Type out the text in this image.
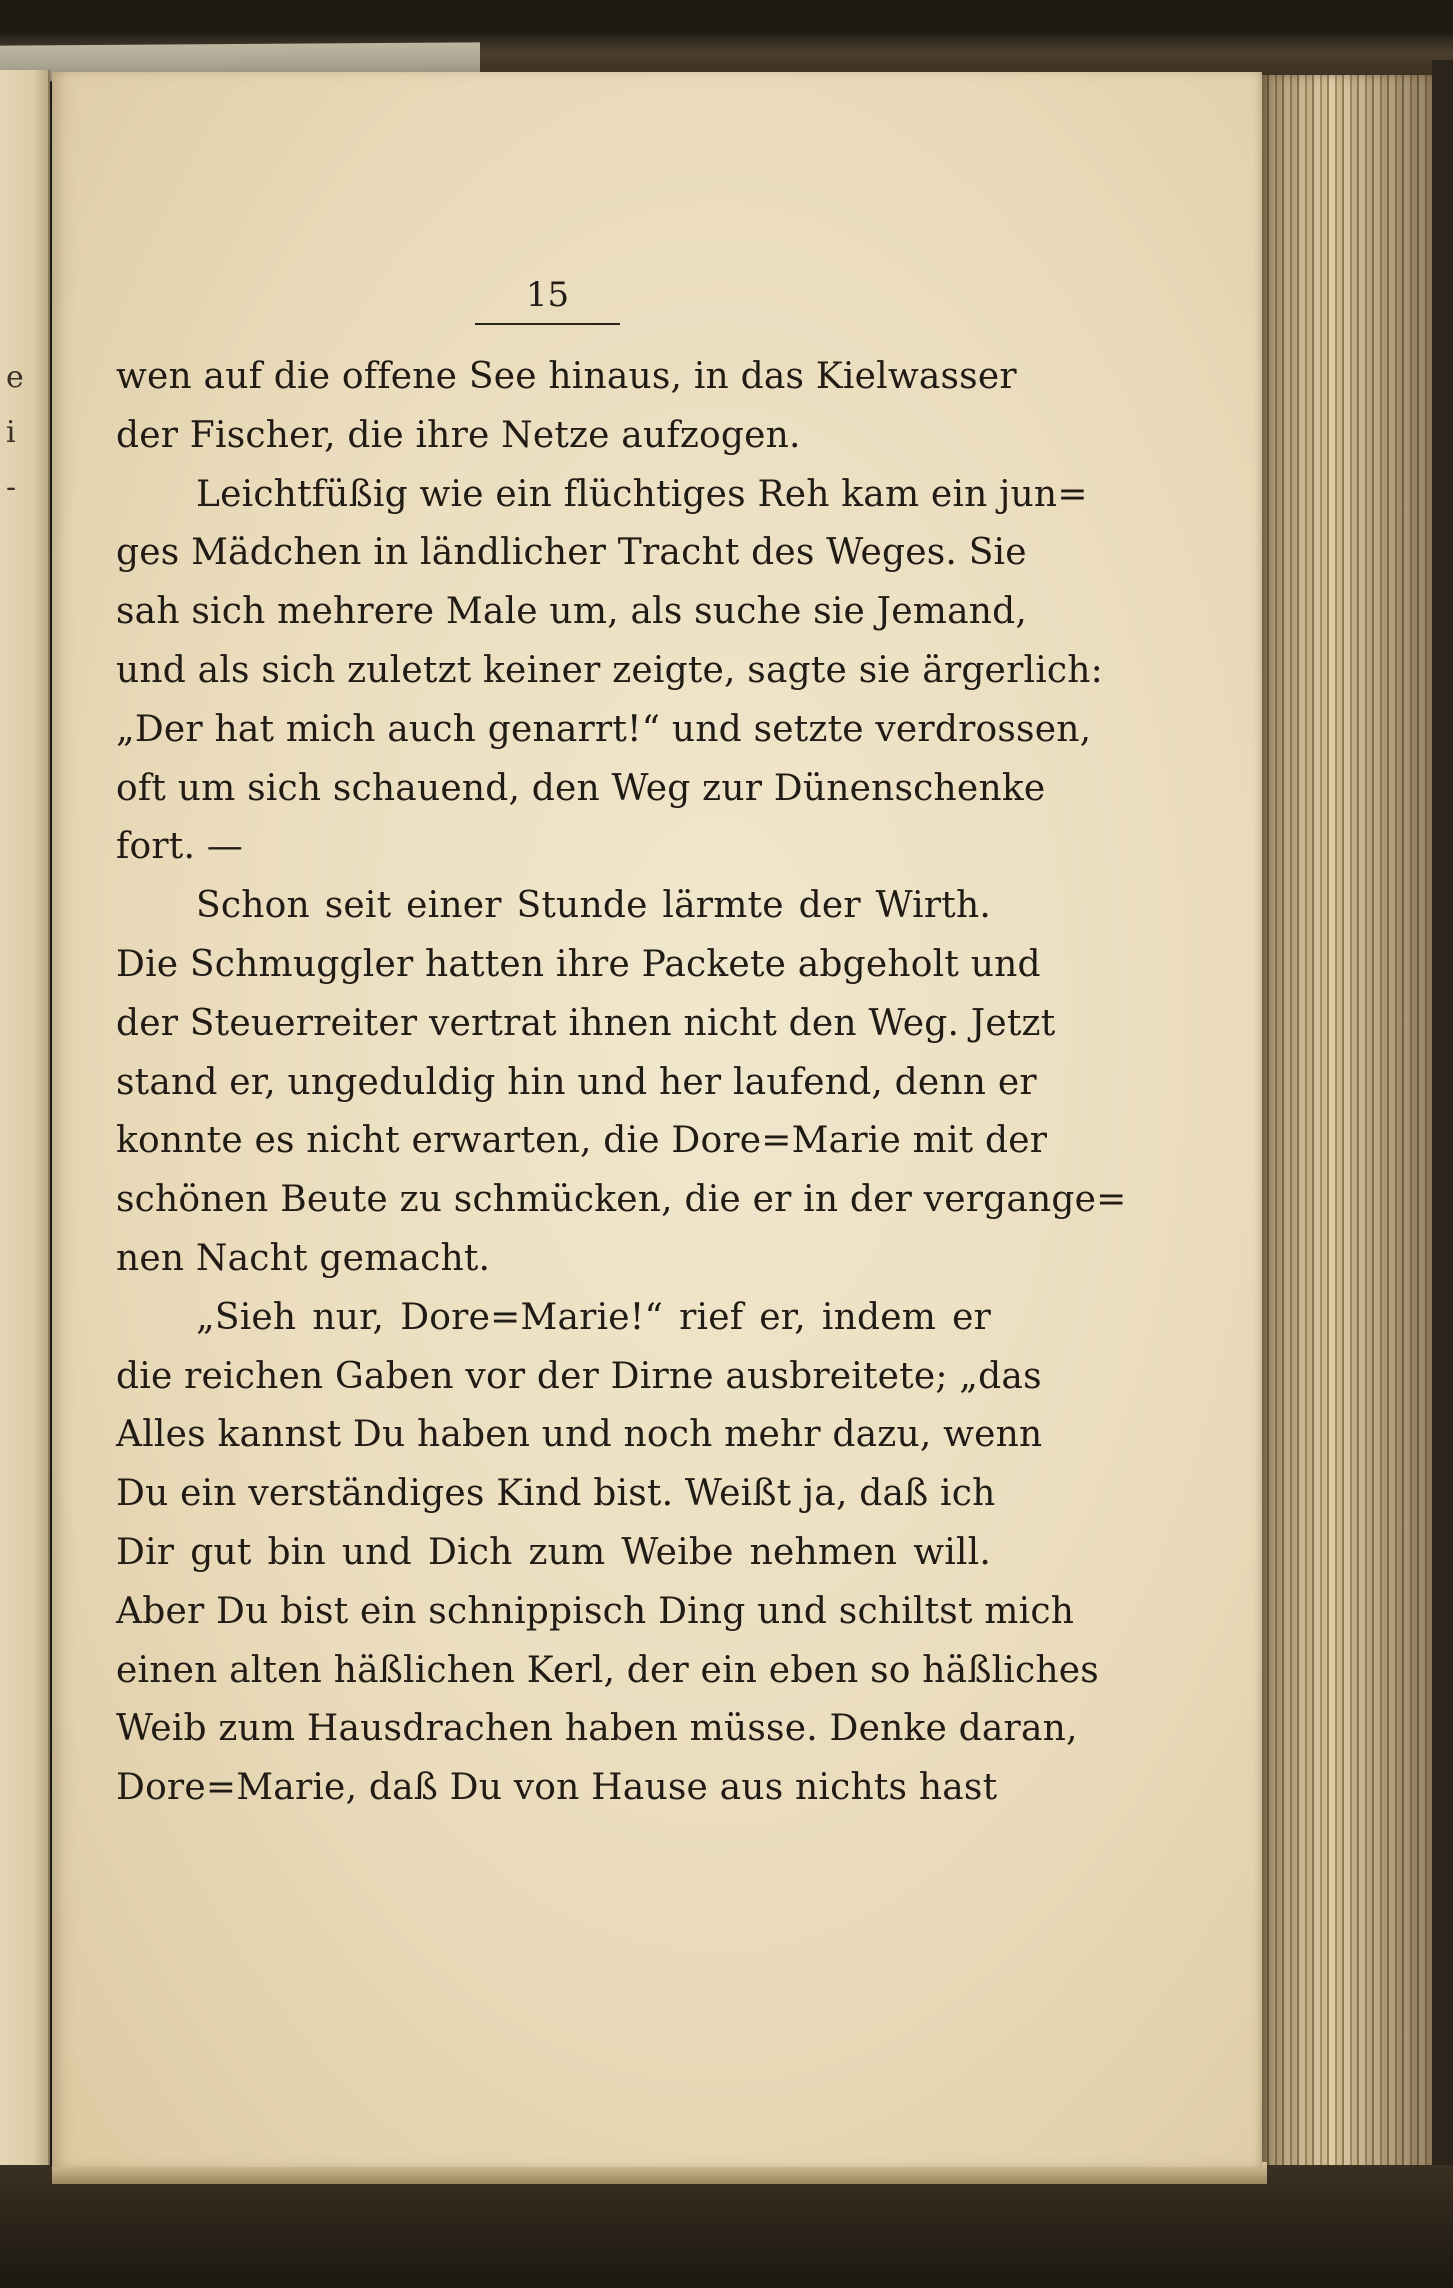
e
i
-
15
wen auf die offene See hinaus, in das Kielwasser
der Fischer, die ihre Netze aufzogen.
Leichtfüßig wie ein flüchtiges Reh kam ein jun=
ges Mädchen in ländlicher Tracht des Weges. Sie
sah sich mehrere Male um, als suche sie Jemand,
und als sich zuletzt keiner zeigte, sagte sie ärgerlich:
„Der hat mich auch genarrt!“ und setzte verdrossen,
oft um sich schauend, den Weg zur Dünenschenke
fort. —
Schon seit einer Stunde lärmte der Wirth.
Die Schmuggler hatten ihre Packete abgeholt und
der Steuerreiter vertrat ihnen nicht den Weg. Jetzt
stand er, ungeduldig hin und her laufend, denn er
konnte es nicht erwarten, die Dore=Marie mit der
schönen Beute zu schmücken, die er in der vergange=
nen Nacht gemacht.
„Sieh nur, Dore=Marie!“ rief er, indem er
die reichen Gaben vor der Dirne ausbreitete; „das
Alles kannst Du haben und noch mehr dazu, wenn
Du ein verständiges Kind bist. Weißt ja, daß ich
Dir gut bin und Dich zum Weibe nehmen will.
Aber Du bist ein schnippisch Ding und schiltst mich
einen alten häßlichen Kerl, der ein eben so häßliches
Weib zum Hausdrachen haben müsse. Denke daran,
Dore=Marie, daß Du von Hause aus nichts hast
